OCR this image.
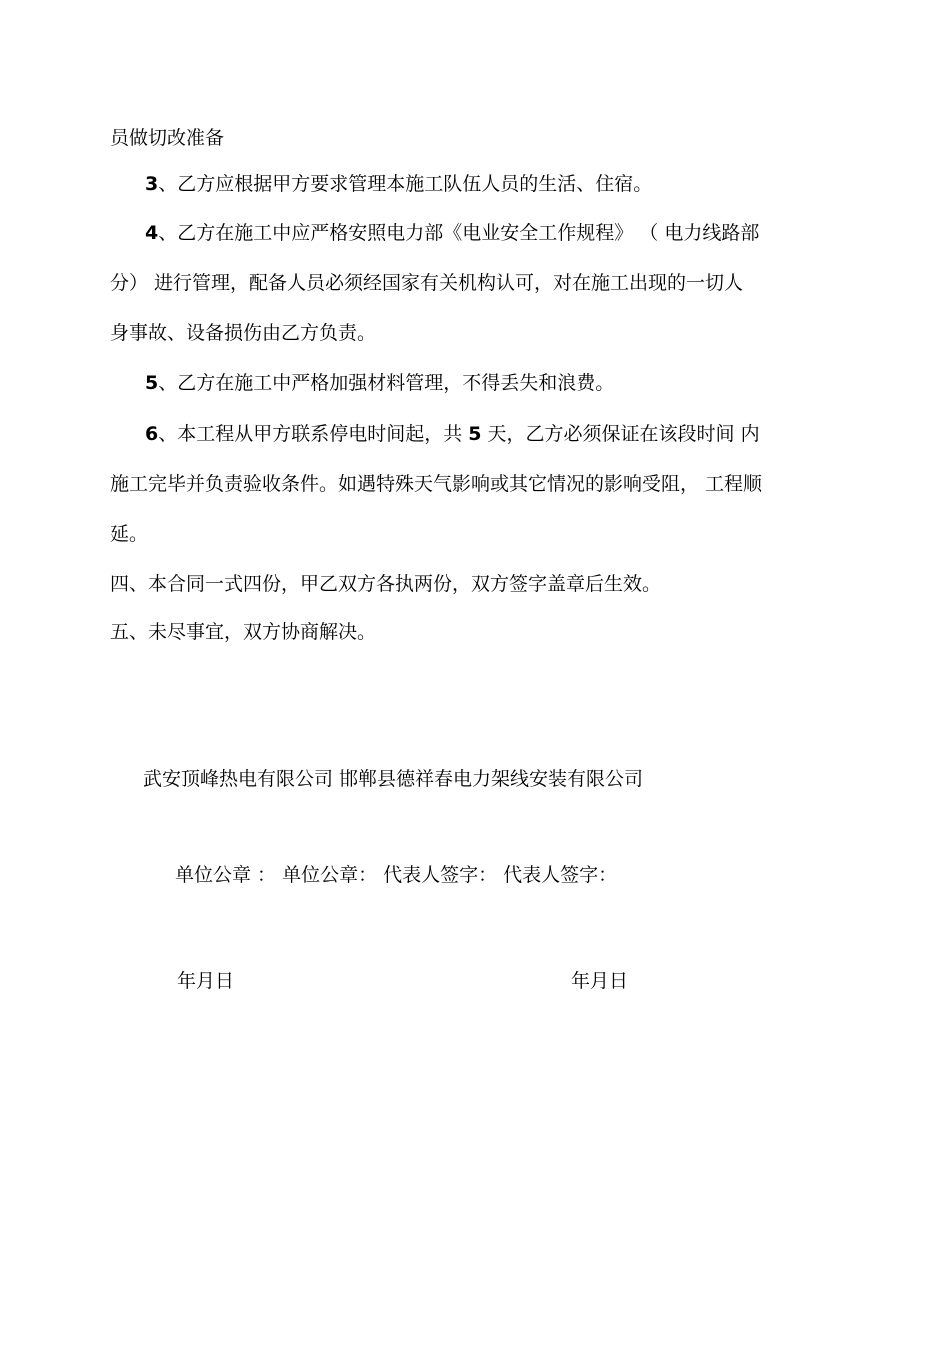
员做切改准备
3、乙方应根据甲方要求管理本施工队伍人员的生活、住宿。
4、乙方在施工中应严格安照电力部《电业安全工作规程》 （ 电力线路部
分） 进行管理，配备人员必须经国家有关机构认可，对在施工出现的一切人
身事故、设备损伤由乙方负责。
5、乙方在施工中严格加强材料管理，不得丢失和浪费。
6、本工程从甲方联系停电时间起，共 5 天，乙方必须保证在该段时间 内
施工完毕并负责验收条件。如遇特殊天气影响或其它情况的影响受阻， 工程顺
延。
四、本合同一式四份，甲乙双方各执两份，双方签字盖章后生效。
五、未尽事宜，双方协商解决。
武安顶峰热电有限公司 邯郸县德祥春电力架线安装有限公司
单位公章 ： 单位公章： 代表人签字： 代表人签字：
年月日	年月日
